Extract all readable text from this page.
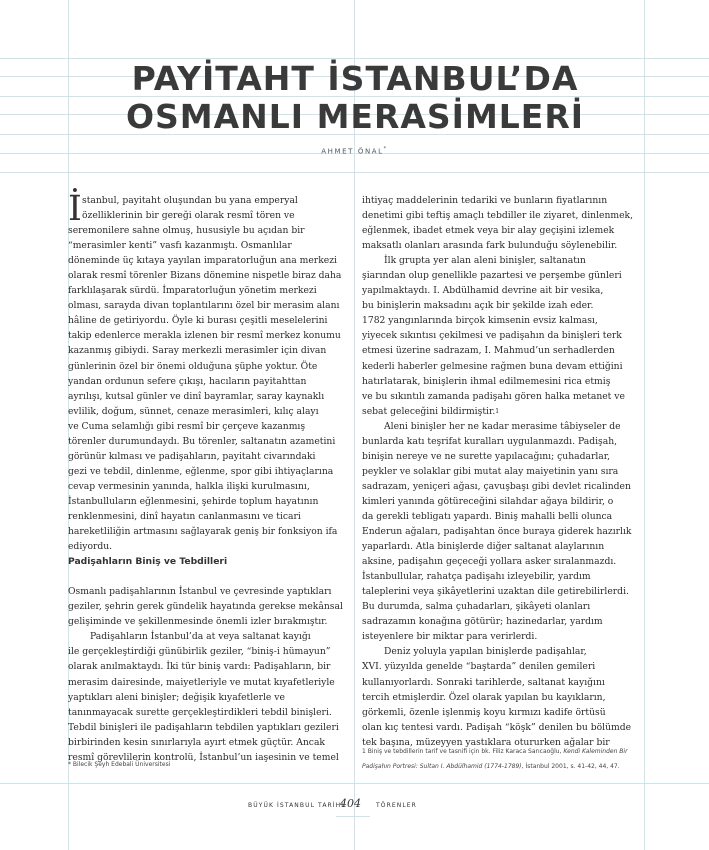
PAYİTAHT İSTANBUL’DA
OSMANLI MERASİMLERİ
AHMET ÖNAL*
İ stanbul, payitaht oluşundan bu yana emperyal
özelliklerinin bir gereği olarak resmî tören ve
seremonilere sahne olmuş, hususiyle bu açıdan bir
“merasimler kenti” vasfı kazanmıştı. Osmanlılar
döneminde üç kıtaya yayılan imparatorluğun ana merkezi
olarak resmî törenler Bizans dönemine nispetle biraz daha
farklılaşarak sürdü. İmparatorluğun yönetim merkezi
olması, sarayda divan toplantılarını özel bir merasim alanı
hâline de getiriyordu. Öyle ki burası çeşitli meselelerini
takip edenlerce merakla izlenen bir resmî merkez konumu
kazanmış gibiydi. Saray merkezli merasimler için divan
günlerinin özel bir önemi olduğuna şüphe yoktur. Öte
yandan ordunun sefere çıkışı, hacıların payitahttan
ayrılışı, kutsal günler ve dinî bayramlar, saray kaynaklı
evlilik, doğum, sünnet, cenaze merasimleri, kılıç alayı
ve Cuma selamlığı gibi resmî bir çerçeve kazanmış
törenler durumundaydı. Bu törenler, saltanatın azametini
görünür kılması ve padişahların, payitaht civarındaki
gezi ve tebdil, dinlenme, eğlenme, spor gibi ihtiyaçlarına
cevap vermesinin yanında, halkla ilişki kurulmasını,
İstanbulluların eğlenmesini, şehirde toplum hayatının
renklenmesini, dinî hayatın canlanmasını ve ticari
hareketliliğin artmasını sağlayarak geniş bir fonksiyon ifa
ediyordu.
Osmanlı padişahlarının İstanbul ve çevresinde yaptıkları
geziler, şehrin gerek gündelik hayatında gerekse mekânsal
gelişiminde ve şekillenmesinde önemli izler bırakmıştır.
Padişahların İstanbul’da at veya saltanat kayığı
ile gerçekleştirdiği günübirlik geziler, “biniş-i hümayun”
olarak anılmaktaydı. İki tür biniş vardı: Padişahların, bir
merasim dairesinde, maiyetleriyle ve mutat kıyafetleriyle
yaptıkları aleni binişler; değişik kıyafetlerle ve
tanınmayacak surette gerçekleştirdikleri tebdil binişleri.
Tebdil binişleri ile padişahların tebdilen yaptıkları gezileri
birbirinden kesin sınırlarıyla ayırt etmek güçtür. Ancak
resmî görevlilerin kontrolü, İstanbul’un iaşesinin ve temel
Padişahların Biniş ve Tebdilleri
ihtiyaç maddelerinin tedariki ve bunların fiyatlarının
denetimi gibi teftiş amaçlı tebdiller ile ziyaret, dinlenmek,
eğlenmek, ibadet etmek veya bir alay geçişini izlemek
maksatlı olanları arasında fark bulunduğu söylenebilir.
İlk grupta yer alan aleni binişler, saltanatın
şiarından olup genellikle pazartesi ve perşembe günleri
yapılmaktaydı. I. Abdülhamid devrine ait bir vesika,
bu binişlerin maksadını açık bir şekilde izah eder.
1782 yangınlarında birçok kimsenin evsiz kalması,
yiyecek sıkıntısı çekilmesi ve padişahın da binişleri terk
etmesi üzerine sadrazam, I. Mahmud’un serhadlerden
kederli haberler gelmesine rağmen buna devam ettiğini
hatırlatarak, binişlerin ihmal edilmemesini rica etmiş
ve bu sıkıntılı zamanda padişahı gören halka metanet ve
sebat geleceğini bildirmiştir.$^1$
Aleni binişler her ne kadar merasime tâbiyseler de
bunlarda katı teşrifat kuralları uygulanmazdı. Padişah,
binişin nereye ve ne surette yapılacağını; çuhadarlar,
peykler ve solaklar gibi mutat alay maiyetinin yanı sıra
sadrazam, yeniçeri ağası, çavuşbaşı gibi devlet ricalinden
kimleri yanında götüreceğini silahdar ağaya bildirir, o
da gerekli tebligatı yapardı. Biniş mahalli belli olunca
Enderun ağaları, padişahtan önce buraya giderek hazırlık
yaparlardı. Atla binişlerde diğer saltanat alaylarının
aksine, padişahın geçeceği yollara asker sıralanmazdı.
İstanbullular, rahatça padişahı izleyebilir, yardım
taleplerini veya şikâyetlerini uzaktan dile getirebilirlerdi.
Bu durumda, salma çuhadarları, şikâyeti olanları
sadrazamın konağına götürür; hazinedarlar, yardım
isteyenlere bir miktar para verirlerdi.
Deniz yoluyla yapılan binişlerde padişahlar,
XVI. yüzyılda genelde “baştarda” denilen gemileri
kullanıyorlardı. Sonraki tarihlerde, saltanat kayığını
tercih etmişlerdir. Özel olarak yapılan bu kayıkların,
görkemli, özenle işlenmiş koyu kırmızı kadife örtüsü
olan kıç tentesi vardı. Padişah “köşk” denilen bu bölümde
tek başına, müzeyyen yastıklara otururken ağalar bir
* Bilecik Şeyh Edebali Üniversitesi
1 Biniş ve tebdillerin tarif ve tasnifi için bk. Filiz Karaca Sarıcaoğlu, Kendi Kaleminden Bir
Padişahın Portresi: Sultan I. Abdülhamid (1774-1789), İstanbul 2001, s. 41-42, 44, 47.
BÜYÜK İSTANBUL TARİHİ
404	TÖRENLER
